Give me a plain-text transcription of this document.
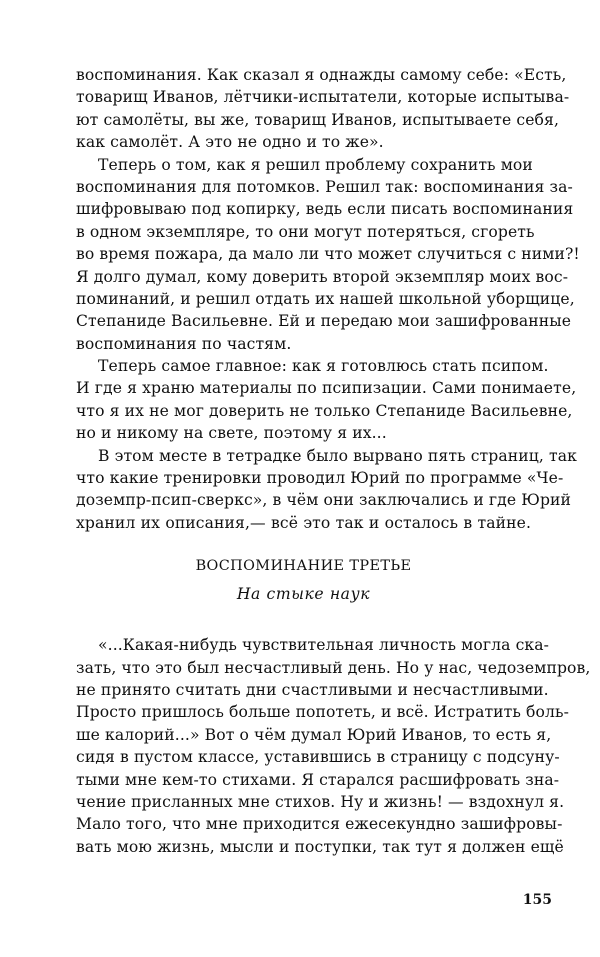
воспоминания. Как сказал я однажды самому себе: «Есть,
товарищ Иванов, лётчики-испытатели, которые испытыва-
ют самолёты, вы же, товарищ Иванов, испытываете себя,
как самолёт. А это не одно и то же».
Теперь о том, как я решил проблему сохранить мои
воспоминания для потомков. Решил так: воспоминания за-
шифровываю под копирку, ведь если писать воспоминания
в одном экземпляре, то они могут потеряться, сгореть
во время пожара, да мало ли что может случиться с ними?!
Я долго думал, кому доверить второй экземпляр моих вос-
поминаний, и решил отдать их нашей школьной уборщице,
Степаниде Васильевне. Ей и передаю мои зашифрованные
воспоминания по частям.
Теперь самое главное: как я готовлюсь стать псипом.
И где я храню материалы по псипизации. Сами понимаете,
что я их не мог доверить не только Степаниде Васильевне,
но и никому на свете, поэтому я их...
В этом месте в тетрадке было вырвано пять страниц, так
что какие тренировки проводил Юрий по программе «Че-
доземпр-псип-сверкс», в чём они заключались и где Юрий
хранил их описания,— всё это так и осталось в тайне.
ВОСПОМИНАНИЕ ТРЕТЬЕ
На стыке наук
«...Какая-нибудь чувствительная личность могла ска-
зать, что это был несчастливый день. Но у нас, чедоземпров,
не принято считать дни счастливыми и несчастливыми.
Просто пришлось больше попотеть, и всё. Истратить боль-
ше калорий...» Вот о чём думал Юрий Иванов, то есть я,
сидя в пустом классе, уставившись в страницу с подсуну-
тыми мне кем-то стихами. Я старался расшифровать зна-
чение присланных мне стихов. Ну и жизнь! — вздохнул я.
Мало того, что мне приходится ежесекундно зашифровы-
вать мою жизнь, мысли и поступки, так тут я должен ещё
155
